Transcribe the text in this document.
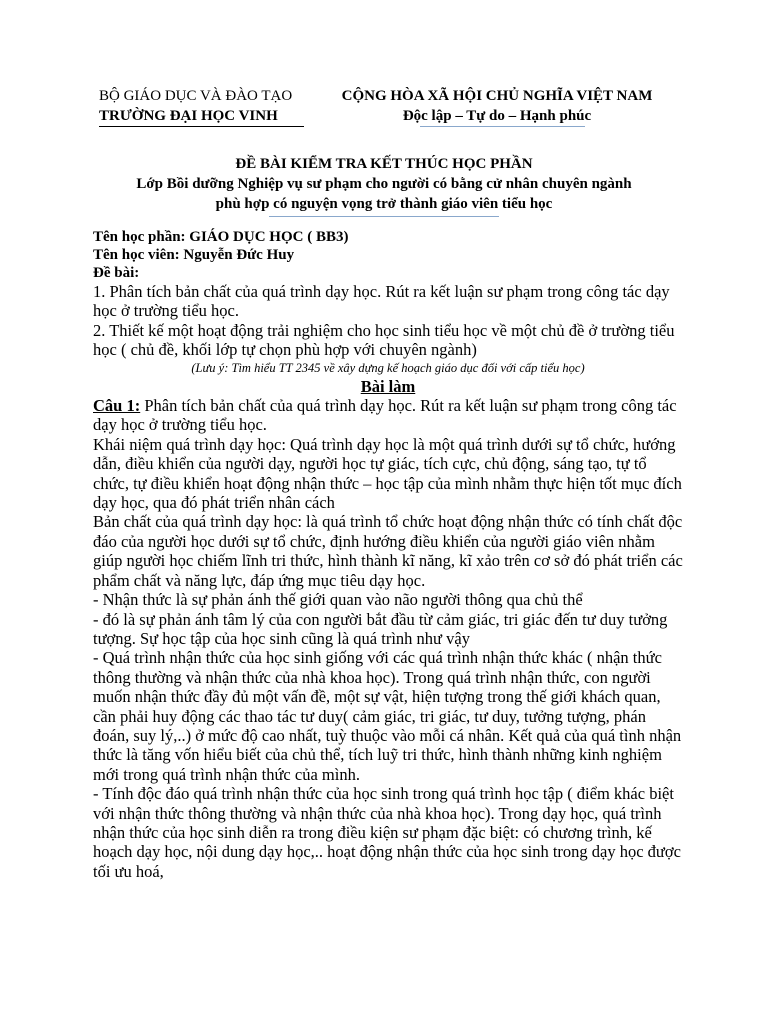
BỘ GIÁO DỤC VÀ ĐÀO TẠO
TRƯỜNG ĐẠI HỌC VINH
CỘNG HÒA XÃ HỘI CHỦ NGHĨA VIỆT NAM
Độc lập – Tự do – Hạnh phúc
ĐỀ BÀI KIỂM TRA KẾT THÚC HỌC PHẦN
Lớp Bồi dưỡng Nghiệp vụ sư phạm cho người có bằng cử nhân chuyên ngành
phù hợp có nguyện vọng trở thành giáo viên tiểu học
Tên học phần: GIÁO DỤC HỌC ( BB3)
Tên học viên: Nguyễn Đức Huy
Đề bài:

1. Phân tích bản chất của quá trình dạy học. Rút ra kết luận sư phạm trong công tác dạy học ở trường tiểu học.

2. Thiết kế một hoạt động trải nghiệm cho học sinh tiểu học về một chủ đề ở trường tiểu học ( chủ đề, khối lớp tự chọn phù hợp với chuyên ngành)

(Lưu ý: Tìm hiểu TT 2345 về xây dựng kế hoạch giáo dục đối với cấp tiểu học)

Bài làm

Câu 1: Phân tích bản chất của quá trình dạy học. Rút ra kết luận sư phạm trong công tác dạy học ở trường tiểu học.

Khái niệm quá trình dạy học: Quá trình dạy học là một quá trình dưới sự tổ chức, hướng dẫn, điều khiển của người dạy, người học tự giác, tích cực, chủ động, sáng tạo, tự tổ chức, tự điều khiển hoạt động nhận thức – học tập của mình nhằm thực hiện tốt mục đích dạy học, qua đó phát triển nhân cách

Bản chất của quá trình dạy học: là quá trình tổ chức hoạt động nhận thức có tính chất độc đáo của người học dưới sự tổ chức, định hướng điều khiển của người giáo viên nhằm giúp người học chiếm lĩnh tri thức, hình thành kĩ năng, kĩ xảo trên cơ sở đó phát triển các phẩm chất và năng lực, đáp ứng mục tiêu dạy học.

- Nhận thức là sự phản ánh thế giới quan vào não người thông qua chủ thể

- đó là sự phản ánh tâm lý của con người bắt đầu từ cảm giác, tri giác đến tư duy tưởng tượng. Sự học tập của học sinh cũng là quá trình như vậy

- Quá trình nhận thức của học sinh giống với các quá trình nhận thức khác ( nhận thức thông thường và nhận thức của nhà khoa học). Trong quá trình nhận thức, con người muốn nhận thức đầy đủ một vấn đề, một sự vật, hiện tượng trong thế giới khách quan, cần phải huy động các thao tác tư duy( cảm giác, tri giác, tư duy, tưởng tượng, phán đoán, suy lý,..) ở mức độ cao nhất, tuỳ thuộc vào mỗi cá nhân. Kết quả của quá tình nhận thức là tăng vốn hiểu biết của chủ thể, tích luỹ tri thức, hình thành những kinh nghiệm mới trong quá trình nhận thức của mình.

- Tính độc đáo quá trình nhận thức của học sinh trong quá trình học tập ( điểm khác biệt với nhận thức thông thường và nhận thức của nhà khoa học). Trong dạy học, quá trình nhận thức của học sinh diễn ra trong điều kiện sư phạm đặc biệt: có chương trình, kế hoạch dạy học, nội dung dạy học,.. hoạt động nhận thức của học sinh trong dạy học được tối ưu hoá,
